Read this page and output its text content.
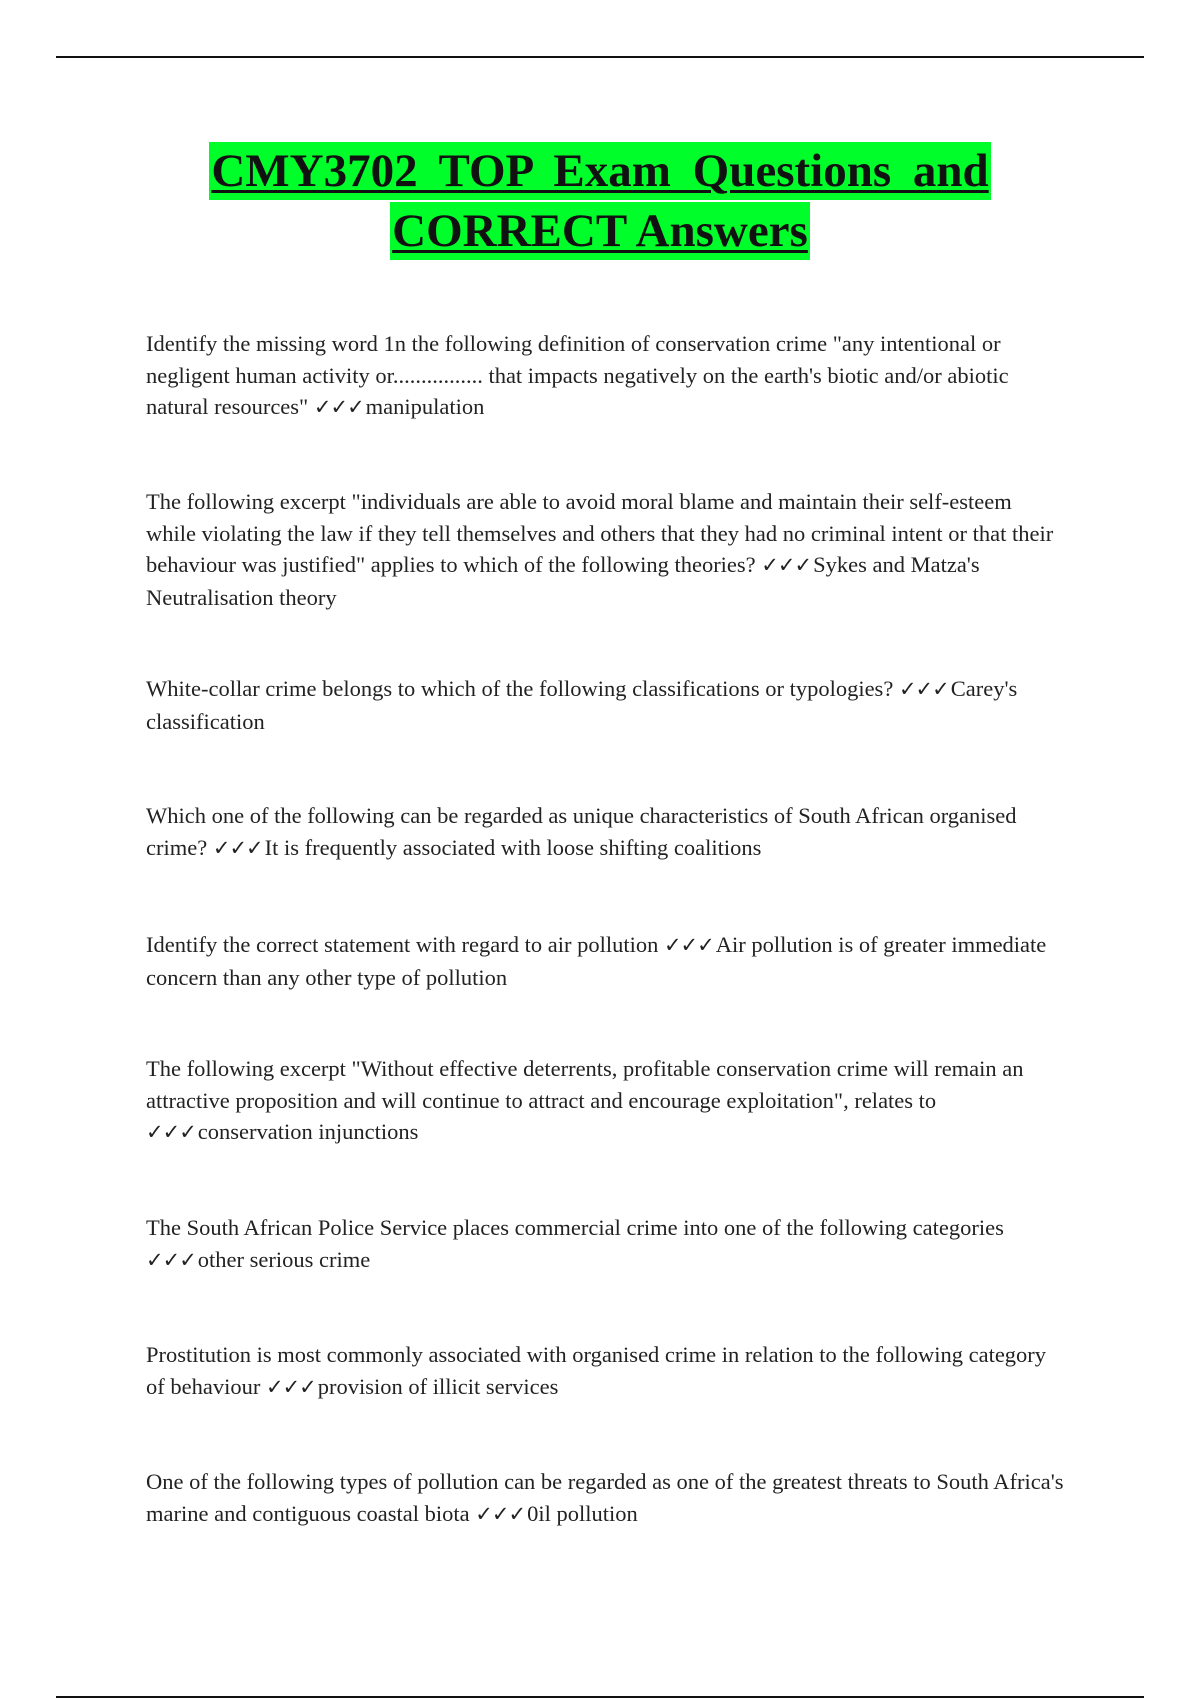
CMY3702 TOP Exam Questions and
CORRECT Answers
Identify the missing word 1n the following definition of conservation crime "any intentional or negligent human activity or................ that impacts negatively on the earth's biotic and/or abiotic natural resources" ✓✓✓manipulation
The following excerpt "individuals are able to avoid moral blame and maintain their self-esteem while violating the law if they tell themselves and others that they had no criminal intent or that their behaviour was justified" applies to which of the following theories? ✓✓✓Sykes and Matza's Neutralisation theory
White-collar crime belongs to which of the following classifications or typologies? ✓✓✓Carey's classification
Which one of the following can be regarded as unique characteristics of South African organised crime? ✓✓✓It is frequently associated with loose shifting coalitions
Identify the correct statement with regard to air pollution ✓✓✓Air pollution is of greater immediate concern than any other type of pollution
The following excerpt "Without effective deterrents, profitable conservation crime will remain an attractive proposition and will continue to attract and encourage exploitation", relates to ✓✓✓conservation injunctions
The South African Police Service places commercial crime into one of the following categories ✓✓✓other serious crime
Prostitution is most commonly associated with organised crime in relation to the following category of behaviour ✓✓✓provision of illicit services
One of the following types of pollution can be regarded as one of the greatest threats to South Africa's marine and contiguous coastal biota ✓✓✓0il pollution
